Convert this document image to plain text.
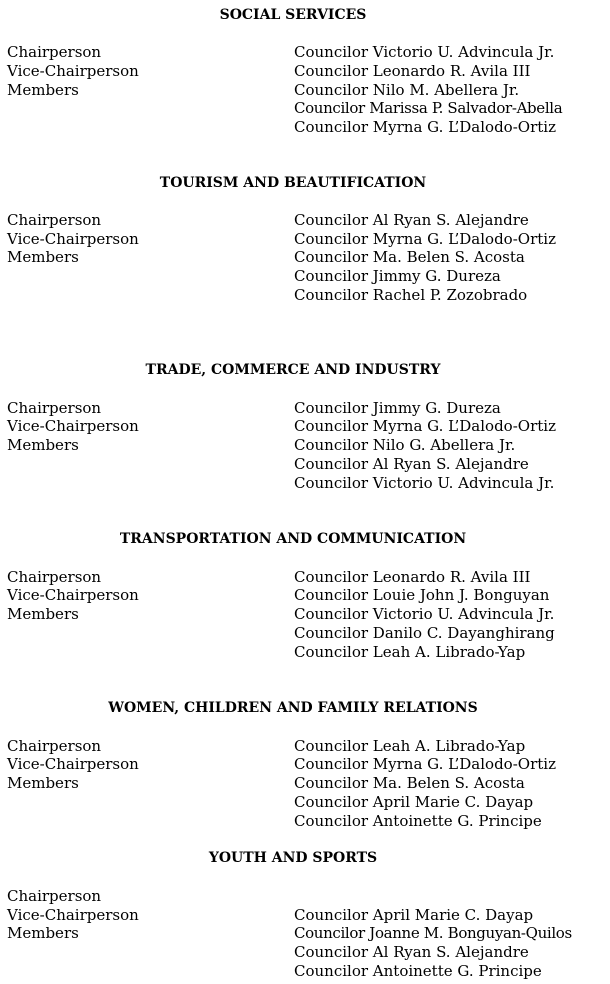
SOCIAL SERVICES
Chairperson
Vice-Chairperson
Members
Councilor Victorio U. Advincula Jr.
Councilor Leonardo R. Avila III
Councilor Nilo M. Abellera Jr.
Councilor Marissa P. Salvador-Abella
Councilor Myrna G. L’Dalodo-Ortiz
TOURISM AND BEAUTIFICATION
Chairperson
Vice-Chairperson
Members
Councilor Al Ryan S. Alejandre
Councilor Myrna G. L’Dalodo-Ortiz
Councilor Ma. Belen S. Acosta
Councilor Jimmy G. Dureza
Councilor Rachel P. Zozobrado
TRADE, COMMERCE AND INDUSTRY
Chairperson
Vice-Chairperson
Members
Councilor Jimmy G. Dureza
Councilor Myrna G. L’Dalodo-Ortiz
Councilor Nilo G. Abellera Jr.
Councilor Al Ryan S. Alejandre
Councilor Victorio U. Advincula Jr.
TRANSPORTATION AND COMMUNICATION
Chairperson
Vice-Chairperson
Members
Councilor Leonardo R. Avila III
Councilor Louie John J. Bonguyan
Councilor Victorio U. Advincula Jr.
Councilor Danilo C. Dayanghirang
Councilor Leah A. Librado-Yap
WOMEN, CHILDREN AND FAMILY RELATIONS
Chairperson
Vice-Chairperson
Members
Councilor Leah A. Librado-Yap
Councilor Myrna G. L’Dalodo-Ortiz
Councilor Ma. Belen S. Acosta
Councilor April Marie C. Dayap
Councilor Antoinette G. Principe
YOUTH AND SPORTS
Chairperson
Vice-Chairperson
Members
Councilor April Marie C. Dayap
Councilor Joanne M. Bonguyan-Quilos
Councilor Al Ryan S. Alejandre
Councilor Antoinette G. Principe
